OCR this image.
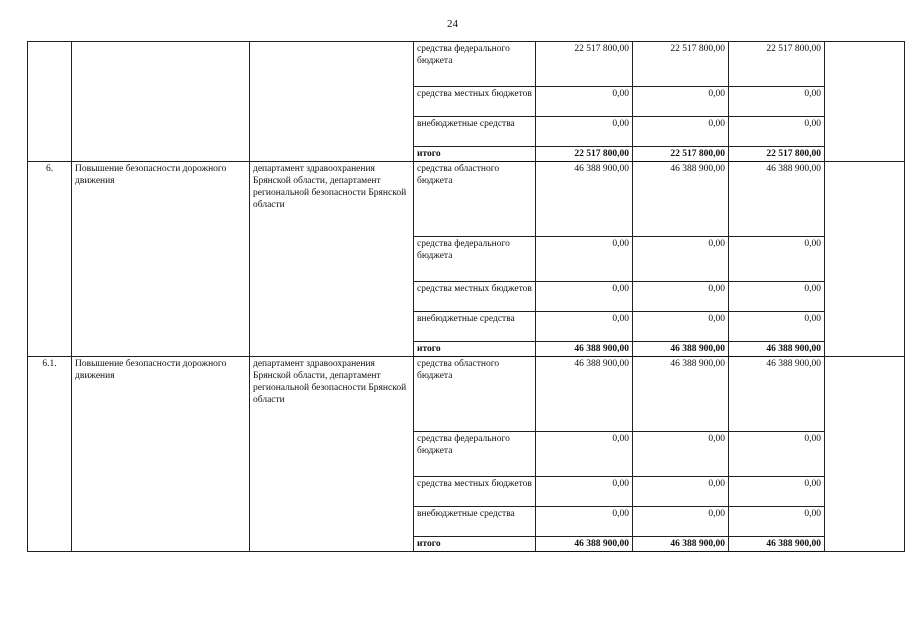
24
			средства федерального бюджета	22 517 800,00	22 517 800,00	22 517 800,00	
			средства местных бюджетов	0,00	0,00	0,00	
			внебюджетные средства	0,00	0,00	0,00	
			итого	22 517 800,00	22 517 800,00	22 517 800,00	
6.	Повышение безопасности дорожного движения	департамент здравоохранения Брянской области, департамент региональной безопасности Брянской области	средства областного бюджета	46 388 900,00	46 388 900,00	46 388 900,00	
			средства федерального бюджета	0,00	0,00	0,00	
			средства местных бюджетов	0,00	0,00	0,00	
			внебюджетные средства	0,00	0,00	0,00	
			итого	46 388 900,00	46 388 900,00	46 388 900,00	
6.1.	Повышение безопасности дорожного движения	департамент здравоохранения Брянской области, департамент региональной безопасности Брянской области	средства областного бюджета	46 388 900,00	46 388 900,00	46 388 900,00	
			средства федерального бюджета	0,00	0,00	0,00	
			средства местных бюджетов	0,00	0,00	0,00	
			внебюджетные средства	0,00	0,00	0,00	
			итого	46 388 900,00	46 388 900,00	46 388 900,00	
